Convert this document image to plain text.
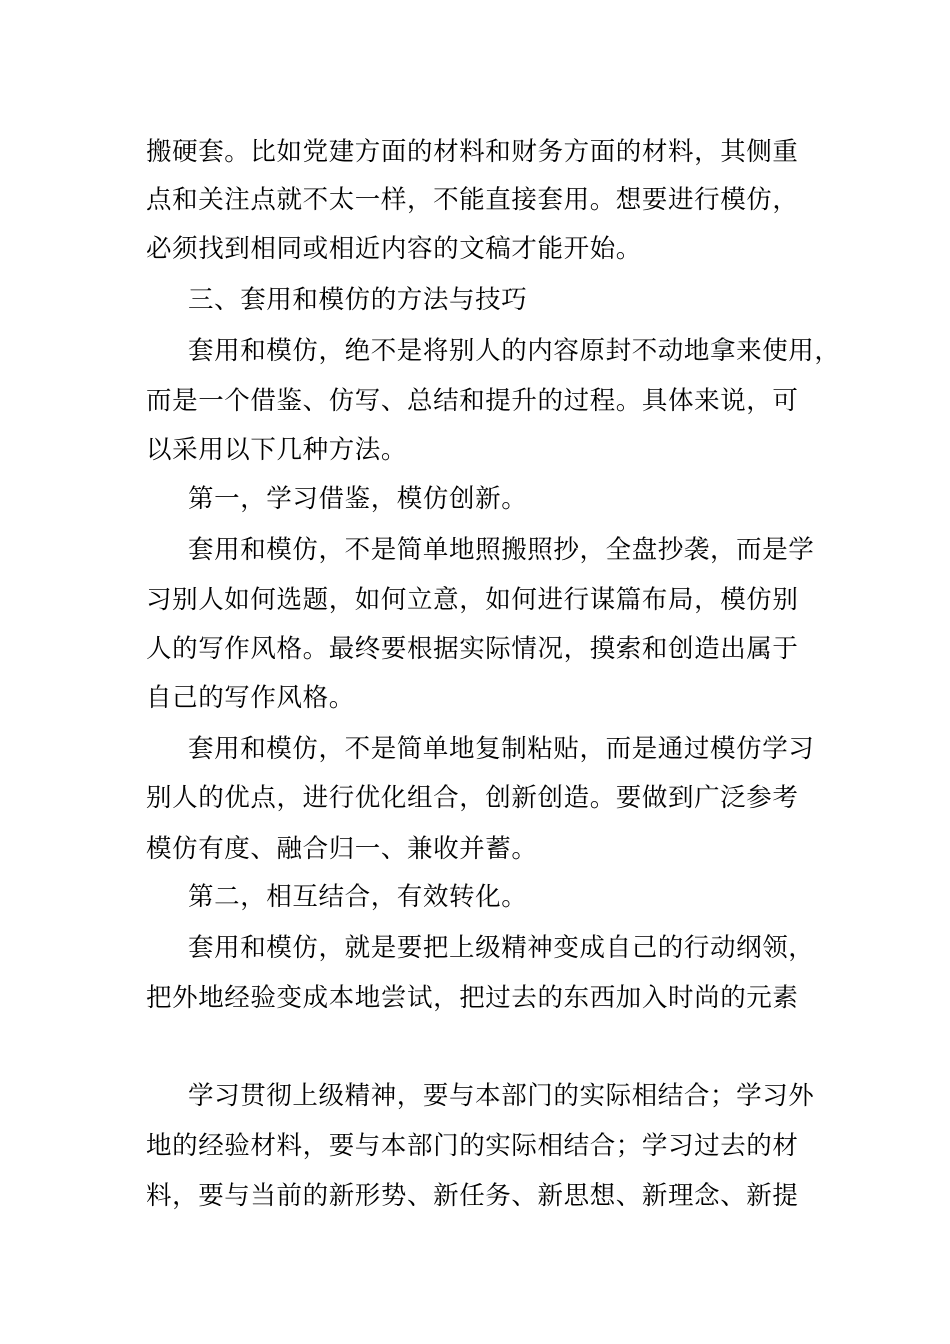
搬硬套。比如党建方面的材料和财务方面的材料，其侧重
点和关注点就不太一样，不能直接套用。想要进行模仿，
必须找到相同或相近内容的文稿才能开始。
三、套用和模仿的方法与技巧
套用和模仿，绝不是将别人的内容原封不动地拿来使用，
而是一个借鉴、仿写、总结和提升的过程。具体来说，可
以采用以下几种方法。
第一，学习借鉴，模仿创新。
套用和模仿，不是简单地照搬照抄，全盘抄袭，而是学
习别人如何选题，如何立意，如何进行谋篇布局，模仿别
人的写作风格。最终要根据实际情况，摸索和创造出属于
自己的写作风格。
套用和模仿，不是简单地复制粘贴，而是通过模仿学习
别人的优点，进行优化组合，创新创造。要做到广泛参考
模仿有度、融合归一、兼收并蓄。
第二，相互结合，有效转化。
套用和模仿，就是要把上级精神变成自己的行动纲领，
把外地经验变成本地尝试，把过去的东西加入时尚的元素
学习贯彻上级精神，要与本部门的实际相结合；学习外
地的经验材料，要与本部门的实际相结合；学习过去的材
料，要与当前的新形势、新任务、新思想、新理念、新提
